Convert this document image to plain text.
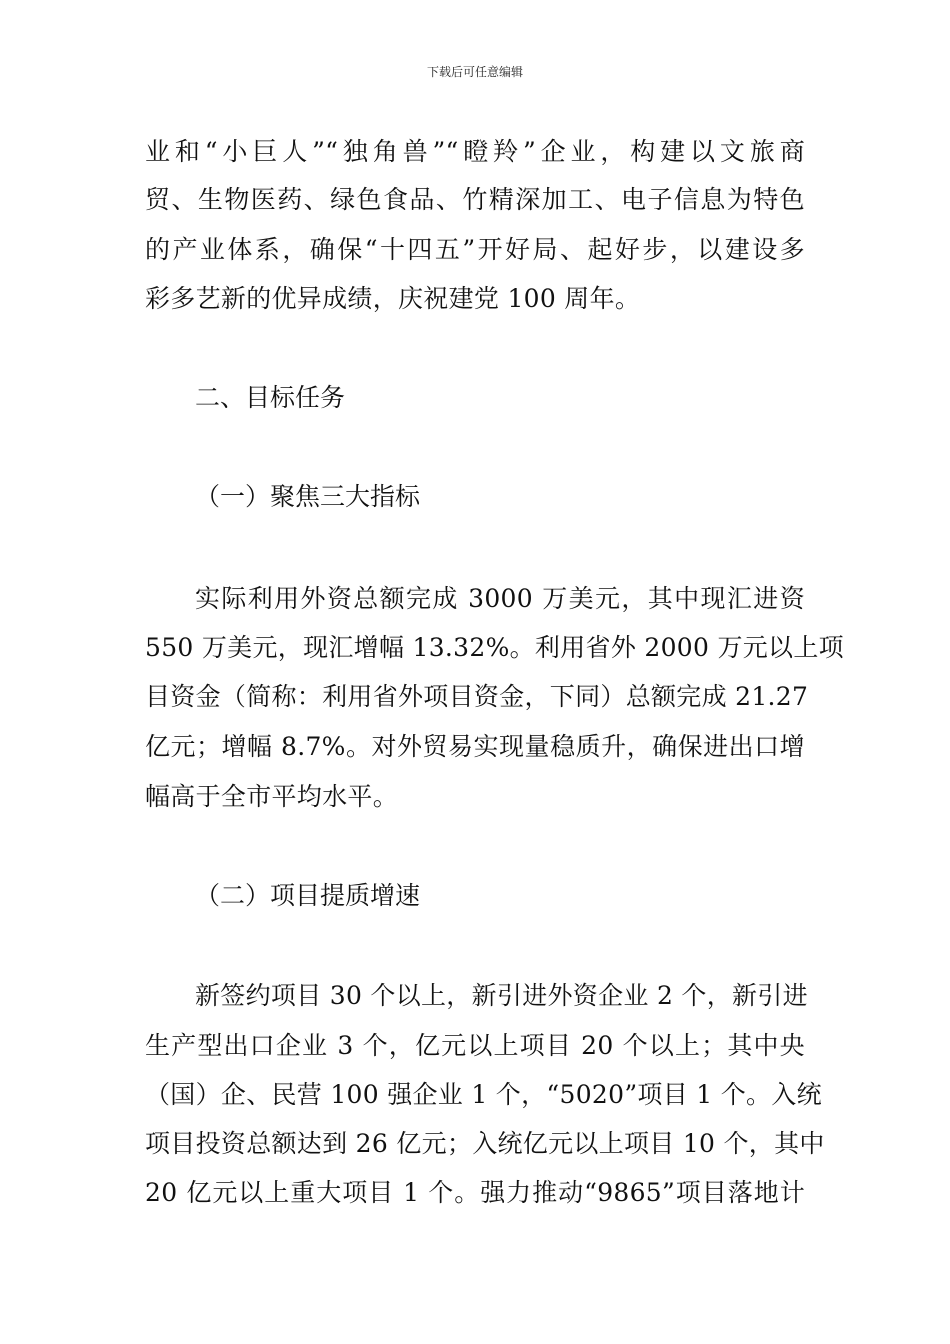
下载后可任意编辑
业和“小巨人”“独角兽”“瞪羚”企业，构建以文旅商
贸、生物医药、绿色食品、竹精深加工、电子信息为特色
的产业体系，确保“十四五”开好局、起好步，以建设多
彩多艺新的优异成绩，庆祝建党 100 周年。
二、目标任务
（一）聚焦三大指标
实际利用外资总额完成 3000 万美元，其中现汇进资
550 万美元，现汇增幅 13.32%。利用省外 2000 万元以上项
目资金（简称：利用省外项目资金，下同）总额完成 21.27
亿元；增幅 8.7%。对外贸易实现量稳质升，确保进出口增
幅高于全市平均水平。
（二）项目提质增速
新签约项目 30 个以上，新引进外资企业 2 个，新引进
生产型出口企业 3 个，亿元以上项目 20 个以上；其中央
（国）企、民营 100 强企业 1 个，“5020”项目 1 个。入统
项目投资总额达到 26 亿元；入统亿元以上项目 10 个，其中
20 亿元以上重大项目 1 个。强力推动“9865”项目落地计
